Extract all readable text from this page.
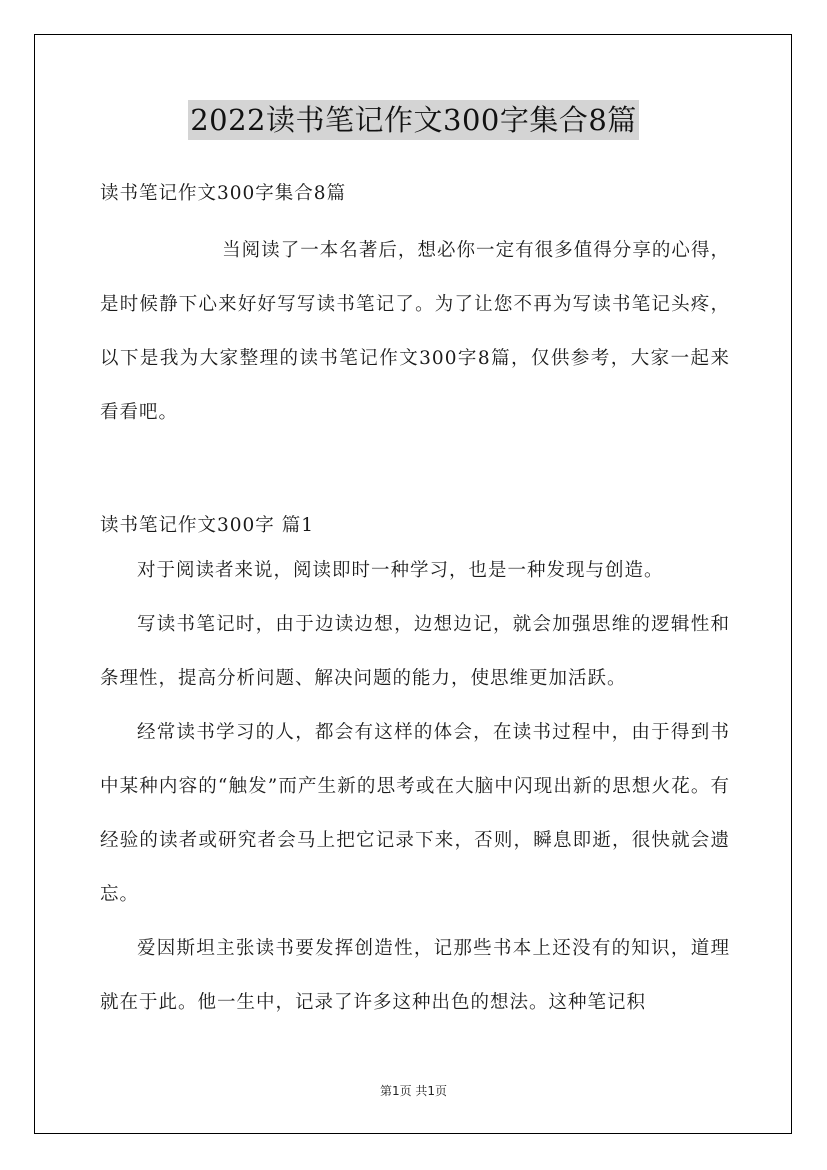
2022读书笔记作文300字集合8篇
读书笔记作文300字集合8篇

当阅读了一本名著后，想必你一定有很多值得分享的心得，是时候静下心来好好写写读书笔记了。为了让您不再为写读书笔记头疼，以下是我为大家整理的读书笔记作文300字8篇，仅供参考，大家一起来看看吧。

读书笔记作文300字 篇1

对于阅读者来说，阅读即时一种学习，也是一种发现与创造。

写读书笔记时，由于边读边想，边想边记，就会加强思维的逻辑性和条理性，提高分析问题、解决问题的能力，使思维更加活跃。

经常读书学习的人，都会有这样的体会，在读书过程中，由于得到书中某种内容的“触发”而产生新的思考或在大脑中闪现出新的思想火花。有经验的读者或研究者会马上把它记录下来，否则，瞬息即逝，很快就会遗忘。

爱因斯坦主张读书要发挥创造性，记那些书本上还没有的知识，道理就在于此。他一生中，记录了许多这种出色的想法。这种笔记积

第1页 共1页
